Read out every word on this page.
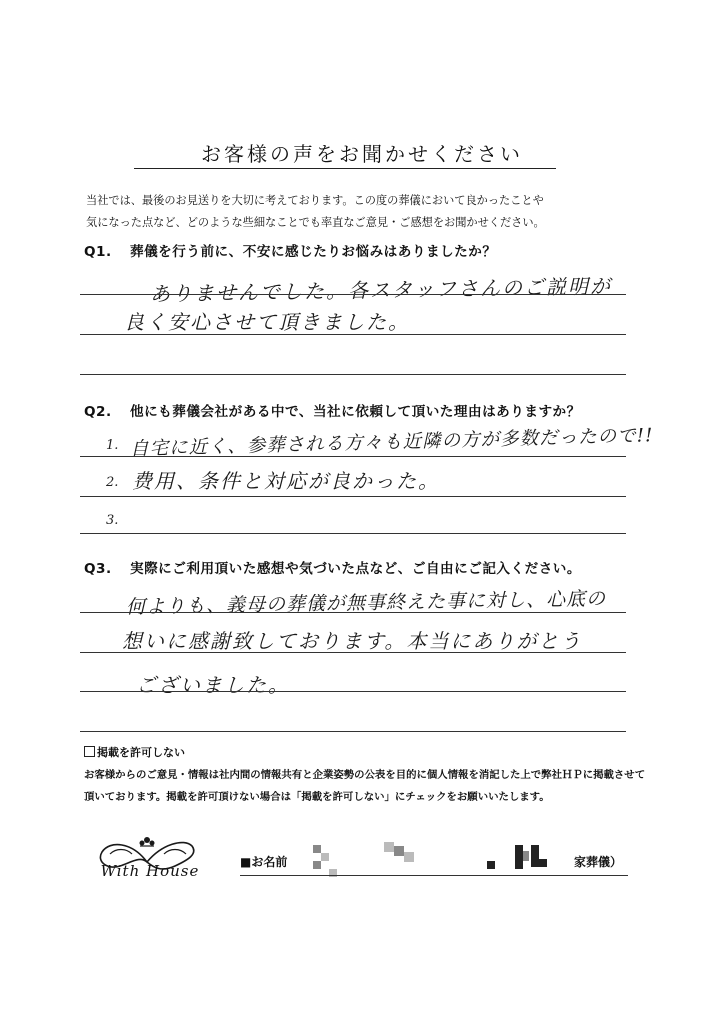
お客様の声をお聞かせください
当社では、最後のお見送りを大切に考えております。この度の葬儀において良かったことや
気になった点など、どのような些細なことでも率直なご意見・ご感想をお聞かせください。
Q1. 葬儀を行う前に、不安に感じたりお悩みはありましたか？
ありませんでした。各スタッフさんのご説明が
良く安心させて頂きました。
Q2. 他にも葬儀会社がある中で、当社に依頼して頂いた理由はありますか？
1. 自宅に近く、参葬される方々も近隣の方が多数だったので!!
2. 费用、条件と対応が良かった。
3.
Q3. 実際にご利用頂いた感想や気づいた点など、ご自由にご記入ください。
何よりも、義母の葬儀が無事終えた事に対し、心底の
想いに感謝致しております。本当にありがとう
ございました。
掲載を許可しない
お客様からのご意見・情報は社内間の情報共有と企業姿勢の公表を目的に個人情報を消記した上で弊社ＨＰに掲載させて
頂いております。掲載を許可頂けない場合は「掲載を許可しない」にチェックをお願いいたします。
With House	■お名前	家葬儀）
